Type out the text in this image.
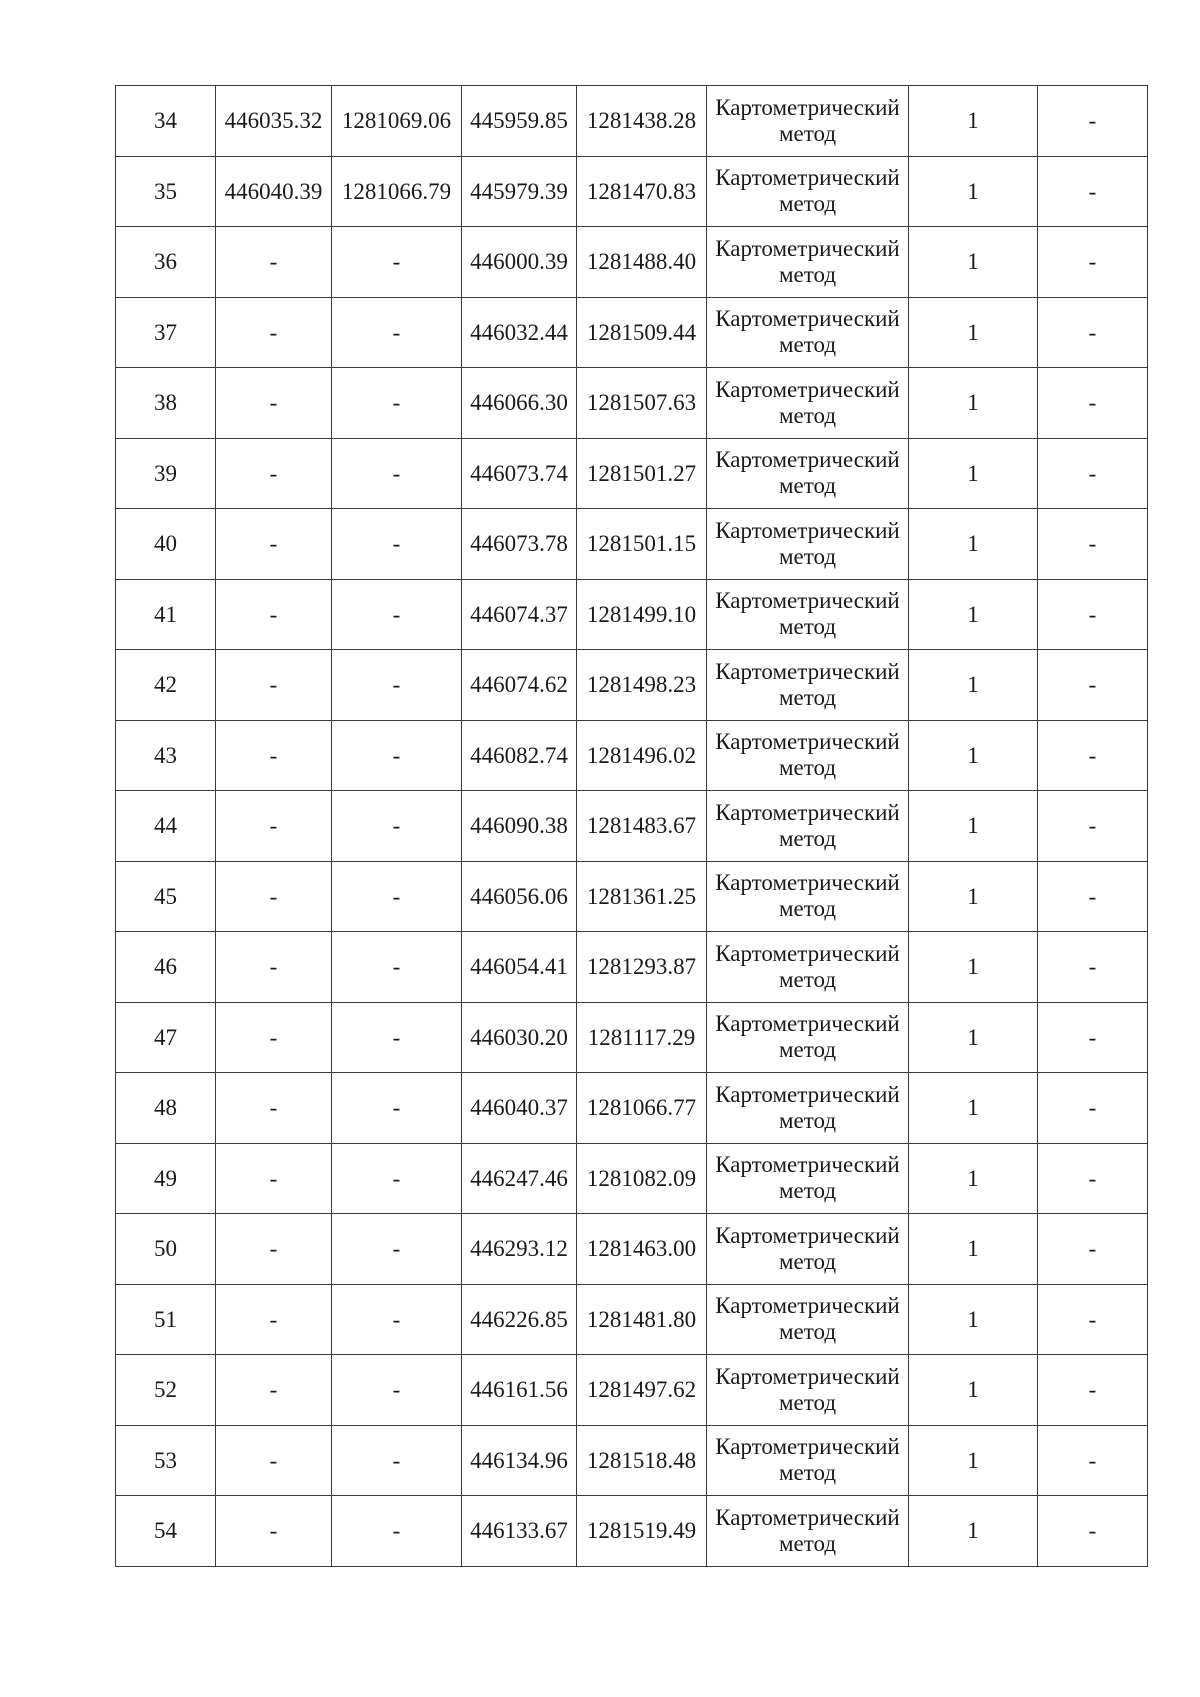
34	446035.32	1281069.06	445959.85	1281438.28	Картометрический
метод	1	-
35	446040.39	1281066.79	445979.39	1281470.83	Картометрический
метод	1	-
36	-	-	446000.39	1281488.40	Картометрический
метод	1	-
37	-	-	446032.44	1281509.44	Картометрический
метод	1	-
38	-	-	446066.30	1281507.63	Картометрический
метод	1	-
39	-	-	446073.74	1281501.27	Картометрический
метод	1	-
40	-	-	446073.78	1281501.15	Картометрический
метод	1	-
41	-	-	446074.37	1281499.10	Картометрический
метод	1	-
42	-	-	446074.62	1281498.23	Картометрический
метод	1	-
43	-	-	446082.74	1281496.02	Картометрический
метод	1	-
44	-	-	446090.38	1281483.67	Картометрический
метод	1	-
45	-	-	446056.06	1281361.25	Картометрический
метод	1	-
46	-	-	446054.41	1281293.87	Картометрический
метод	1	-
47	-	-	446030.20	1281117.29	Картометрический
метод	1	-
48	-	-	446040.37	1281066.77	Картометрический
метод	1	-
49	-	-	446247.46	1281082.09	Картометрический
метод	1	-
50	-	-	446293.12	1281463.00	Картометрический
метод	1	-
51	-	-	446226.85	1281481.80	Картометрический
метод	1	-
52	-	-	446161.56	1281497.62	Картометрический
метод	1	-
53	-	-	446134.96	1281518.48	Картометрический
метод	1	-
54	-	-	446133.67	1281519.49	Картометрический
метод	1	-
